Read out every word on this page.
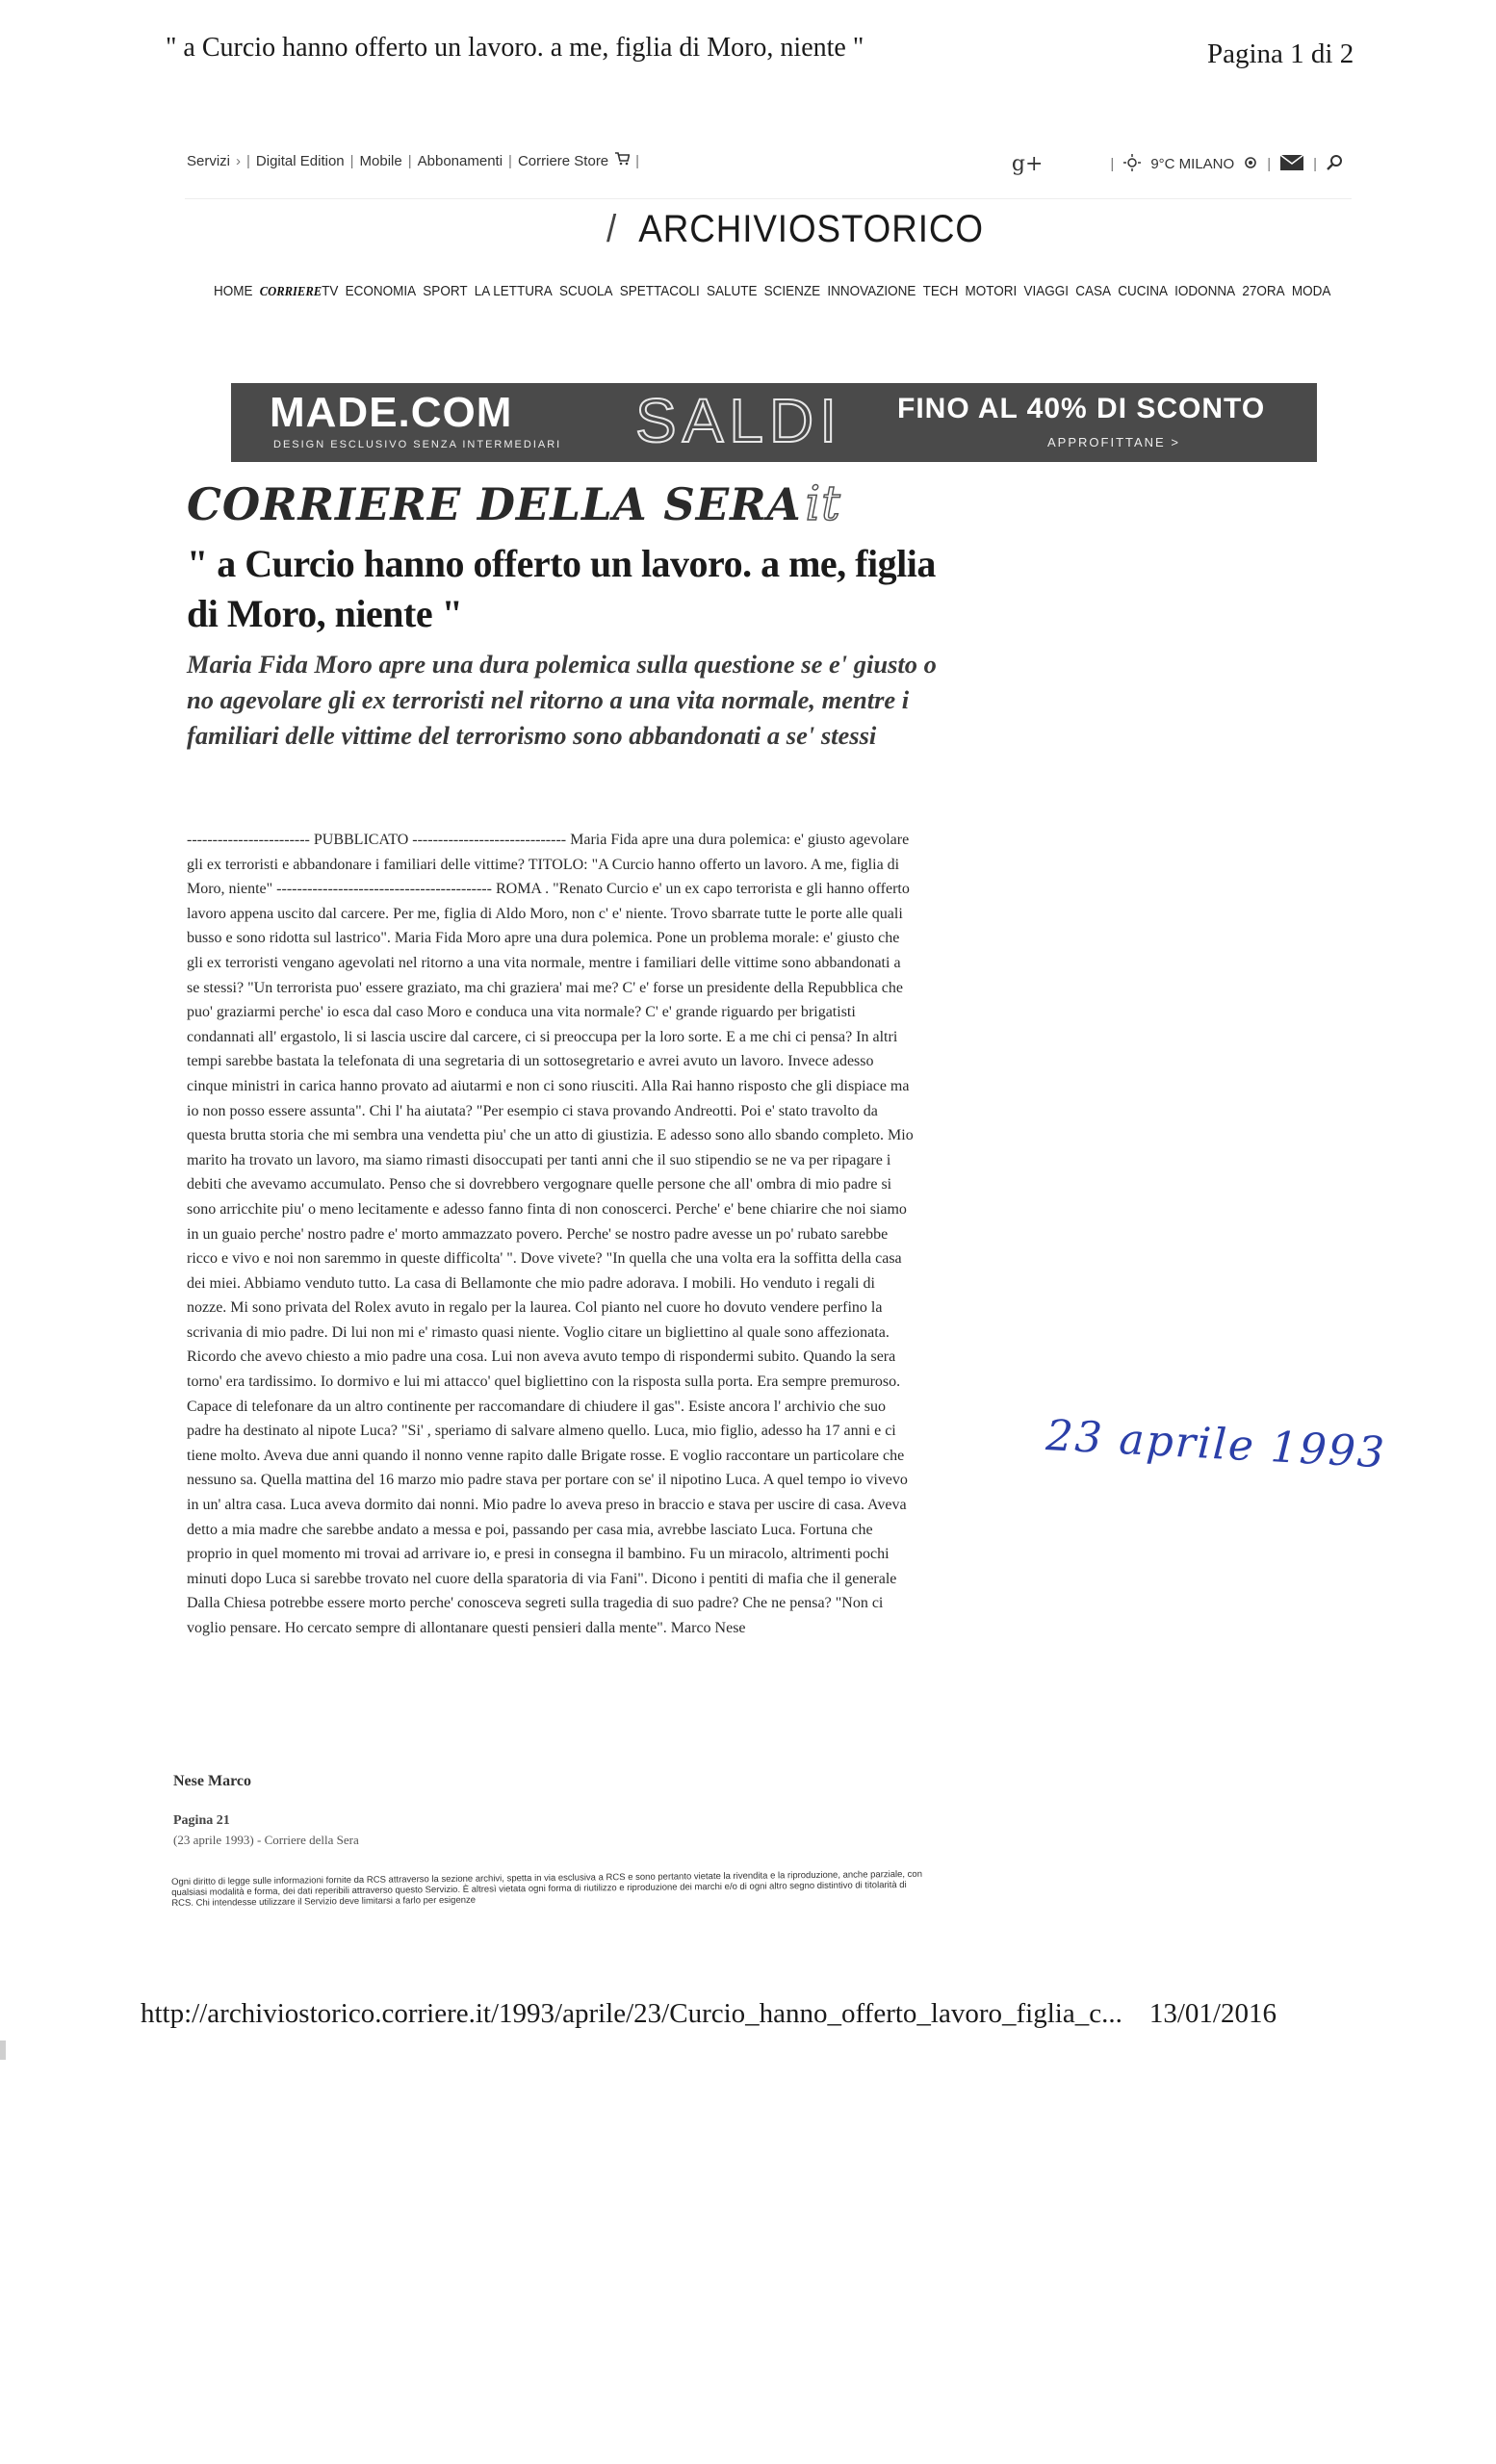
" a Curcio hanno offerto un lavoro. a me, figlia di Moro, niente "	Pagina 1 di 2
Servizi › | Digital Edition | Mobile | Abbonamenti | Corriere Store |	g+	|	9°C MILANO |	|
/ ARCHIVIOSTORICO
HOME CORRIERETV ECONOMIA SPORT LA LETTURA SCUOLA SPETTACOLI SALUTE SCIENZE INNOVAZIONE TECH MOTORI VIAGGI CASA CUCINA IODONNA 27ORA MODA
MADE.COM
DESIGN ESCLUSIVO SENZA INTERMEDIARI SALDI FINO AL 40% DI SCONTO
APPROFITTANE >
CORRIERE DELLA SERAit
" a Curcio hanno offerto un lavoro. a me, figlia di Moro, niente "
Maria Fida Moro apre una dura polemica sulla questione se e' giusto o no agevolare gli ex terroristi nel ritorno a una vita normale, mentre i familiari delle vittime del terrorismo sono abbandonati a se' stessi
------------------------ PUBBLICATO ------------------------------ Maria Fida apre una dura polemica: e' giusto agevolare gli ex terroristi e abbandonare i familiari delle vittime? TITOLO: "A Curcio hanno offerto un lavoro. A me, figlia di Moro, niente" ------------------------------------------ ROMA . "Renato Curcio e' un ex capo terrorista e gli hanno offerto lavoro appena uscito dal carcere. Per me, figlia di Aldo Moro, non c' e' niente. Trovo sbarrate tutte le porte alle quali busso e sono ridotta sul lastrico". Maria Fida Moro apre una dura polemica. Pone un problema morale: e' giusto che gli ex terroristi vengano agevolati nel ritorno a una vita normale, mentre i familiari delle vittime sono abbandonati a se stessi? "Un terrorista puo' essere graziato, ma chi graziera' mai me? C' e' forse un presidente della Repubblica che puo' graziarmi perche' io esca dal caso Moro e conduca una vita normale? C' e' grande riguardo per brigatisti condannati all' ergastolo, li si lascia uscire dal carcere, ci si preoccupa per la loro sorte. E a me chi ci pensa? In altri tempi sarebbe bastata la telefonata di una segretaria di un sottosegretario e avrei avuto un lavoro. Invece adesso cinque ministri in carica hanno provato ad aiutarmi e non ci sono riusciti. Alla Rai hanno risposto che gli dispiace ma io non posso essere assunta". Chi l' ha aiutata? "Per esempio ci stava provando Andreotti. Poi e' stato travolto da questa brutta storia che mi sembra una vendetta piu' che un atto di giustizia. E adesso sono allo sbando completo. Mio marito ha trovato un lavoro, ma siamo rimasti disoccupati per tanti anni che il suo stipendio se ne va per ripagare i debiti che avevamo accumulato. Penso che si dovrebbero vergognare quelle persone che all' ombra di mio padre si sono arricchite piu' o meno lecitamente e adesso fanno finta di non conoscerci. Perche' e' bene chiarire che noi siamo in un guaio perche' nostro padre e' morto ammazzato povero. Perche' se nostro padre avesse un po' rubato sarebbe ricco e vivo e noi non saremmo in queste difficolta' ". Dove vivete? "In quella che una volta era la soffitta della casa dei miei. Abbiamo venduto tutto. La casa di Bellamonte che mio padre adorava. I mobili. Ho venduto i regali di nozze. Mi sono privata del Rolex avuto in regalo per la laurea. Col pianto nel cuore ho dovuto vendere perfino la scrivania di mio padre. Di lui non mi e' rimasto quasi niente. Voglio citare un bigliettino al quale sono affezionata. Ricordo che avevo chiesto a mio padre una cosa. Lui non aveva avuto tempo di rispondermi subito. Quando la sera torno' era tardissimo. Io dormivo e lui mi attacco' quel bigliettino con la risposta sulla porta. Era sempre premuroso. Capace di telefonare da un altro continente per raccomandare di chiudere il gas". Esiste ancora l' archivio che suo padre ha destinato al nipote Luca? "Si' , speriamo di salvare almeno quello. Luca, mio figlio, adesso ha 17 anni e ci tiene molto. Aveva due anni quando il nonno venne rapito dalle Brigate rosse. E voglio raccontare un particolare che nessuno sa. Quella mattina del 16 marzo mio padre stava per portare con se' il nipotino Luca. A quel tempo io vivevo in un' altra casa. Luca aveva dormito dai nonni. Mio padre lo aveva preso in braccio e stava per uscire di casa. Aveva detto a mia madre che sarebbe andato a messa e poi, passando per casa mia, avrebbe lasciato Luca. Fortuna che proprio in quel momento mi trovai ad arrivare io, e presi in consegna il bambino. Fu un miracolo, altrimenti pochi minuti dopo Luca si sarebbe trovato nel cuore della sparatoria di via Fani". Dicono i pentiti di mafia che il generale Dalla Chiesa potrebbe essere morto perche' conosceva segreti sulla tragedia di suo padre? Che ne pensa? "Non ci voglio pensare. Ho cercato sempre di allontanare questi pensieri dalla mente". Marco Nese
Nese Marco
Pagina 21
(23 aprile 1993) - Corriere della Sera
Ogni diritto di legge sulle informazioni fornite da RCS attraverso la sezione archivi, spetta in via esclusiva a RCS e sono pertanto vietate la rivendita e la riproduzione, anche parziale, con qualsiasi modalità e forma, dei dati reperibili attraverso questo Servizio. È altresì vietata ogni forma di riutilizzo e riproduzione dei marchi e/o di ogni altro segno distintivo di titolarità di RCS. Chi intendesse utilizzare il Servizio deve limitarsi a farlo per esigenze
23 aprile 1993
http://archiviostorico.corriere.it/1993/aprile/23/Curcio_hanno_offerto_lavoro_figlia_c... 13/01/2016
